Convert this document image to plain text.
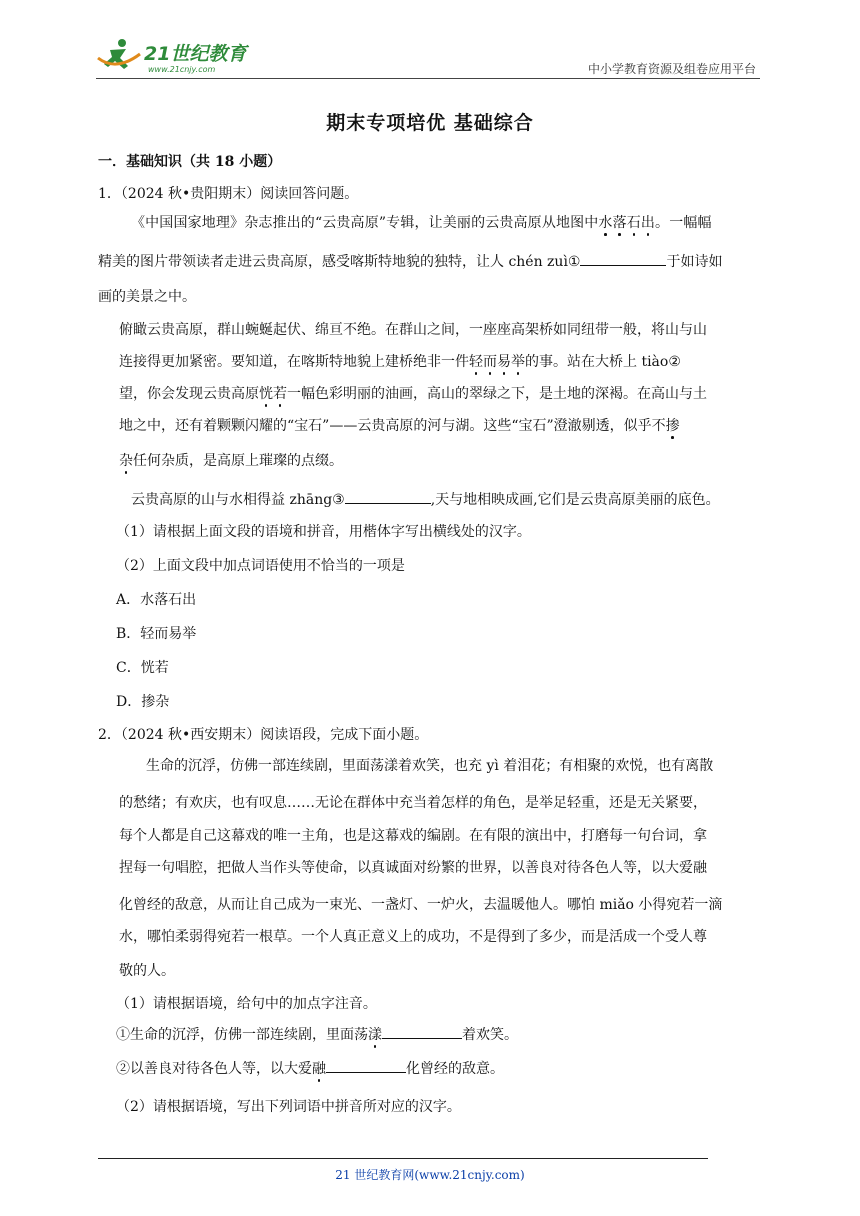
21世纪教育
www.21cnjy.com	中小学教育资源及组卷应用平台
期末专项培优 基础综合
一．基础知识（共 18 小题）
1．（2024 秋•贵阳期末）阅读回答问题。
《中国国家地理》杂志推出的“云贵高原”专辑，让美丽的云贵高原从地图中水落石出。一幅幅
精美的图片带领读者走进云贵高原，感受喀斯特地貌的独特，让人 chén zuì①	于如诗如
画的美景之中。
俯瞰云贵高原，群山蜿蜒起伏、绵亘不绝。在群山之间，一座座高架桥如同纽带一般，将山与山
连接得更加紧密。要知道，在喀斯特地貌上建桥绝非一件轻而易举的事。站在大桥上 tiào②
望，你会发现云贵高原恍若一幅色彩明丽的油画，高山的翠绿之下，是土地的深褐。在高山与土
地之中，还有着颗颗闪耀的“宝石”——云贵高原的河与湖。这些“宝石”澄澈剔透，似乎不掺
杂任何杂质，是高原上璀璨的点缀。
云贵高原的山与水相得益 zhāng③	,天与地相映成画,它们是云贵高原美丽的底色。
（1）请根据上面文段的语境和拼音，用楷体字写出横线处的汉字。
（2）上面文段中加点词语使用不恰当的一项是
A．水落石出
B．轻而易举
C．恍若
D．掺杂
2．（2024 秋•西安期末）阅读语段，完成下面小题。
生命的沉浮，仿佛一部连续剧，里面荡漾着欢笑，也充 yì 着泪花；有相聚的欢悦，也有离散
的愁绪；有欢庆，也有叹息……无论在群体中充当着怎样的角色，是举足轻重，还是无关紧要，
每个人都是自己这幕戏的唯一主角，也是这幕戏的编剧。在有限的演出中，打磨每一句台词，拿
捏每一句唱腔，把做人当作头等使命，以真诚面对纷繁的世界，以善良对待各色人等，以大爱融
化曾经的敌意，从而让自己成为一束光、一盏灯、一炉火，去温暖他人。哪怕 miǎo 小得宛若一滴
水，哪怕柔弱得宛若一根草。一个人真正意义上的成功，不是得到了多少，而是活成一个受人尊
敬的人。
（1）请根据语境，给句中的加点字注音。
①生命的沉浮，仿佛一部连续剧，里面荡漾	着欢笑。
②以善良对待各色人等，以大爱融	化曾经的敌意。
（2）请根据语境，写出下列词语中拼音所对应的汉字。
21 世纪教育网(www.21cnjy.com)
